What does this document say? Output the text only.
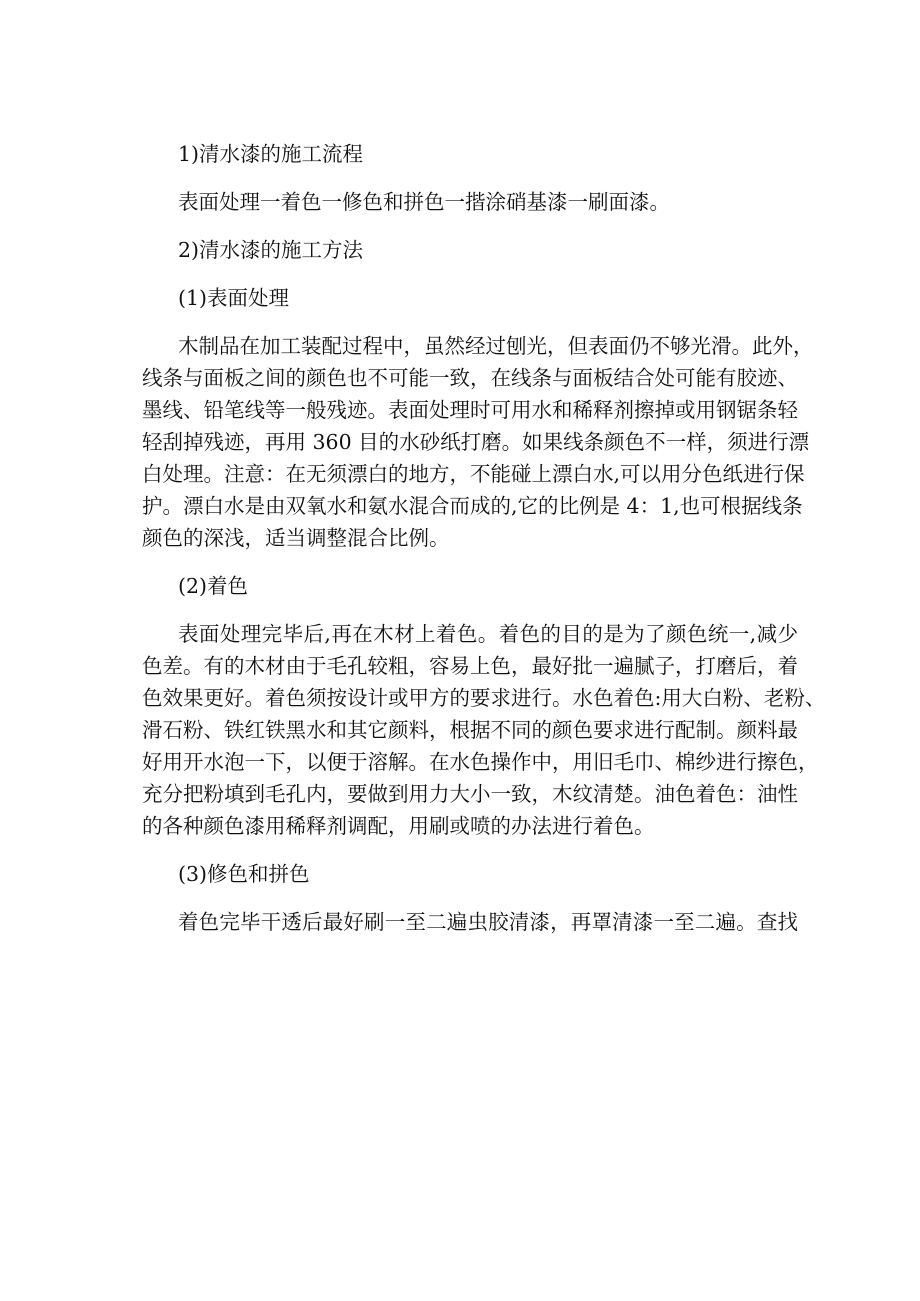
1)清水漆的施工流程

表面处理一着色一修色和拼色一揩涂硝基漆一刷面漆。

2)清水漆的施工方法

(1)表面处理

木制品在加工装配过程中，虽然经过刨光，但表面仍不够光滑。此外，

线条与面板之间的颜色也不可能一致，在线条与面板结合处可能有胶迹、

墨线、铅笔线等一般残迹。表面处理时可用水和稀释剂擦掉或用钢锯条轻

轻刮掉残迹，再用 360 目的水砂纸打磨。如果线条颜色不一样，须进行漂

白处理。注意：在无须漂白的地方，不能碰上漂白水,可以用分色纸进行保

护。漂白水是由双氧水和氨水混合而成的,它的比例是 4：1,也可根据线条

颜色的深浅，适当调整混合比例。

(2)着色

表面处理完毕后,再在木材上着色。着色的目的是为了颜色统一,减少

色差。有的木材由于毛孔较粗，容易上色，最好批一遍腻子，打磨后，着

色效果更好。着色须按设计或甲方的要求进行。水色着色:用大白粉、老粉、

滑石粉、铁红铁黑水和其它颜料，根据不同的颜色要求进行配制。颜料最

好用开水泡一下，以便于溶解。在水色操作中，用旧毛巾、棉纱进行擦色，

充分把粉填到毛孔内，要做到用力大小一致，木纹清楚。油色着色：油性

的各种颜色漆用稀释剂调配，用刷或喷的办法进行着色。

(3)修色和拼色

着色完毕干透后最好刷一至二遍虫胶清漆，再罩清漆一至二遍。查找
